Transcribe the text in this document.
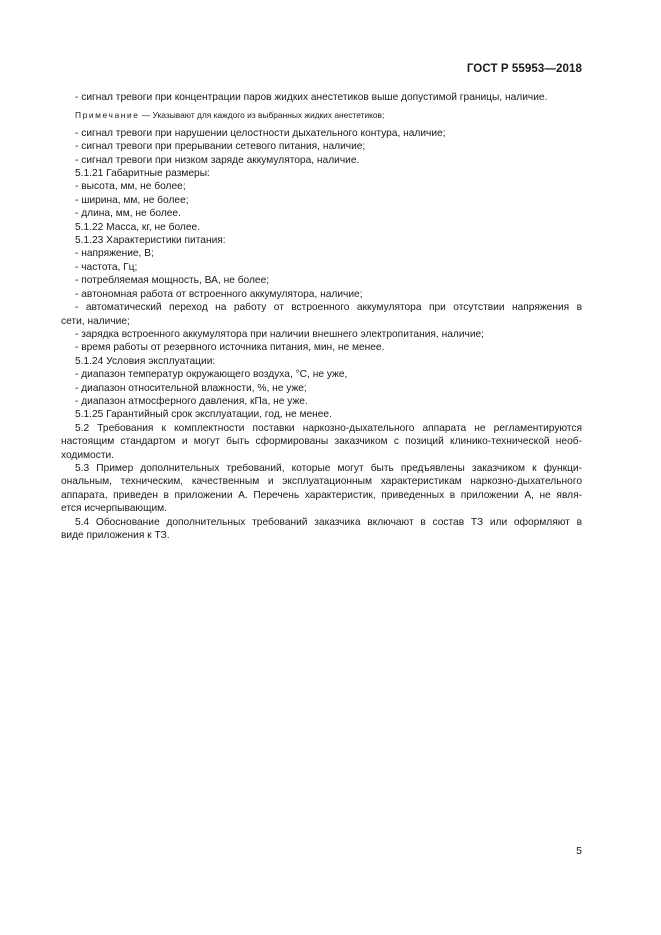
ГОСТ Р 55953—2018
- сигнал тревоги при концентрации паров жидких анестетиков выше допустимой границы, наличие.
Примечание — Указывают для каждого из выбранных жидких анестетиков;
- сигнал тревоги при нарушении целостности дыхательного контура, наличие;
- сигнал тревоги при прерывании сетевого питания, наличие;
- сигнал тревоги при низком заряде аккумулятора, наличие.
5.1.21 Габаритные размеры:
- высота, мм, не более;
- ширина, мм, не более;
- длина, мм, не более.
5.1.22 Масса, кг, не более.
5.1.23 Характеристики питания:
- напряжение, В;
- частота, Гц;
- потребляемая мощность, ВА, не более;
- автономная работа от встроенного аккумулятора, наличие;
- автоматический переход на работу от встроенного аккумулятора при отсутствии напряжения в
сети, наличие;
- зарядка встроенного аккумулятора при наличии внешнего электропитания, наличие;
- время работы от резервного источника питания, мин, не менее.
5.1.24 Условия эксплуатации:
- диапазон температур окружающего воздуха, °С, не уже,
- диапазон относительной влажности, %, не уже;
- диапазон атмосферного давления, кПа, не уже.
5.1.25 Гарантийный срок эксплуатации, год, не менее.
5.2 Требования к комплектности поставки наркозно-дыхательного аппарата не регламентируются
настоящим стандартом и могут быть сформированы заказчиком с позиций клинико-технической необ-
ходимости.
5.3 Пример дополнительных требований, которые могут быть предъявлены заказчиком к функци-
ональным, техническим, качественным и эксплуатационным характеристикам наркозно-дыхательного
аппарата, приведен в приложении А. Перечень характеристик, приведенных в приложении А, не явля-
ется исчерпывающим.
5.4 Обоснование дополнительных требований заказчика включают в состав ТЗ или оформляют в
виде приложения к ТЗ.
5
